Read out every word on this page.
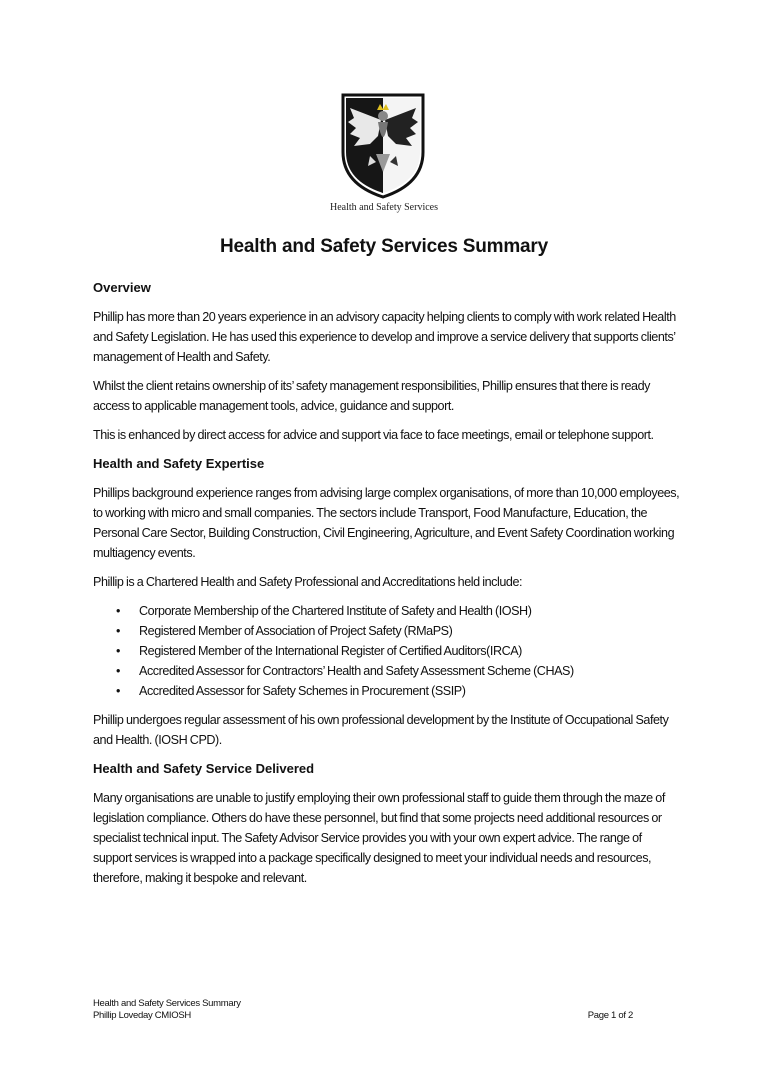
Health and Safety Services
Health and Safety Services Summary
Overview

Phillip has more than 20 years experience in an advisory capacity helping clients to comply with work related Health and Safety Legislation. He has used this experience to develop and improve a service delivery that supports clients’ management of Health and Safety.

Whilst the client retains ownership of its’ safety management responsibilities, Phillip ensures that there is ready access to applicable management tools, advice, guidance and support.

This is enhanced by direct access for advice and support via face to face meetings, email or telephone support.

Health and Safety Expertise

Phillips background experience ranges from advising large complex organisations, of more than 10,000 employees, to working with micro and small companies. The sectors include Transport, Food Manufacture, Education, the Personal Care Sector, Building Construction, Civil Engineering, Agriculture, and Event Safety Coordination working multiagency events.

Phillip is a Chartered Health and Safety Professional and Accreditations held include:

• Corporate Membership of the Chartered Institute of Safety and Health (IOSH)
• Registered Member of Association of Project Safety (RMaPS)
• Registered Member of the International Register of Certified Auditors(IRCA)
• Accredited Assessor for Contractors’ Health and Safety Assessment Scheme (CHAS)
• Accredited Assessor for Safety Schemes in Procurement (SSIP)

Phillip undergoes regular assessment of his own professional development by the Institute of Occupational Safety and Health. (IOSH CPD).

Health and Safety Service Delivered

Many organisations are unable to justify employing their own professional staff to guide them through the maze of legislation compliance. Others do have these personnel, but find that some projects need additional resources or specialist technical input. The Safety Advisor Service provides you with your own expert advice. The range of support services is wrapped into a package specifically designed to meet your individual needs and resources, therefore, making it bespoke and relevant.

Health and Safety Services Summary
Phillip Loveday CMIOSH	Page 1 of 2
